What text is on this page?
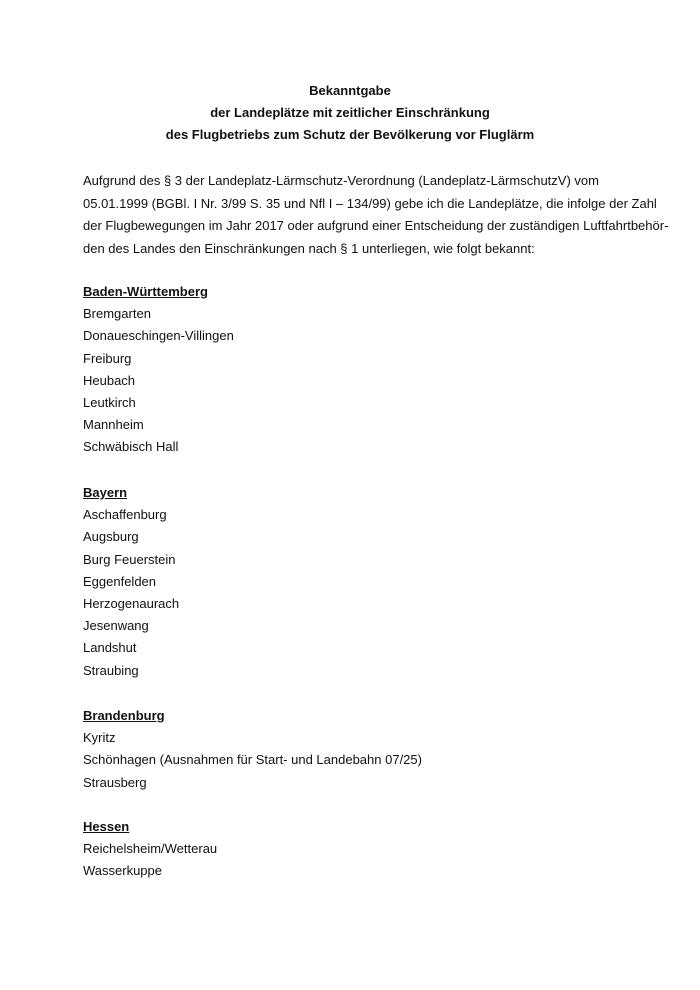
Bekanntgabe
der Landeplätze mit zeitlicher Einschränkung
des Flugbetriebs zum Schutz der Bevölkerung vor Fluglärm
Aufgrund des § 3 der Landeplatz-Lärmschutz-Verordnung (Landeplatz-LärmschutzV) vom
05.01.1999 (BGBl. I Nr. 3/99 S. 35 und Nfl I – 134/99) gebe ich die Landeplätze, die infolge der Zahl
der Flugbewegungen im Jahr 2017 oder aufgrund einer Entscheidung der zuständigen Luftfahrtbehör-
den des Landes den Einschränkungen nach § 1 unterliegen, wie folgt bekannt:
Baden-Württemberg
Bremgarten
Donaueschingen-Villingen
Freiburg
Heubach
Leutkirch
Mannheim
Schwäbisch Hall
Bayern
Aschaffenburg
Augsburg
Burg Feuerstein
Eggenfelden
Herzogenaurach
Jesenwang
Landshut
Straubing
Brandenburg
Kyritz
Schönhagen (Ausnahmen für Start- und Landebahn 07/25)
Strausberg
Hessen
Reichelsheim/Wetterau
Wasserkuppe
